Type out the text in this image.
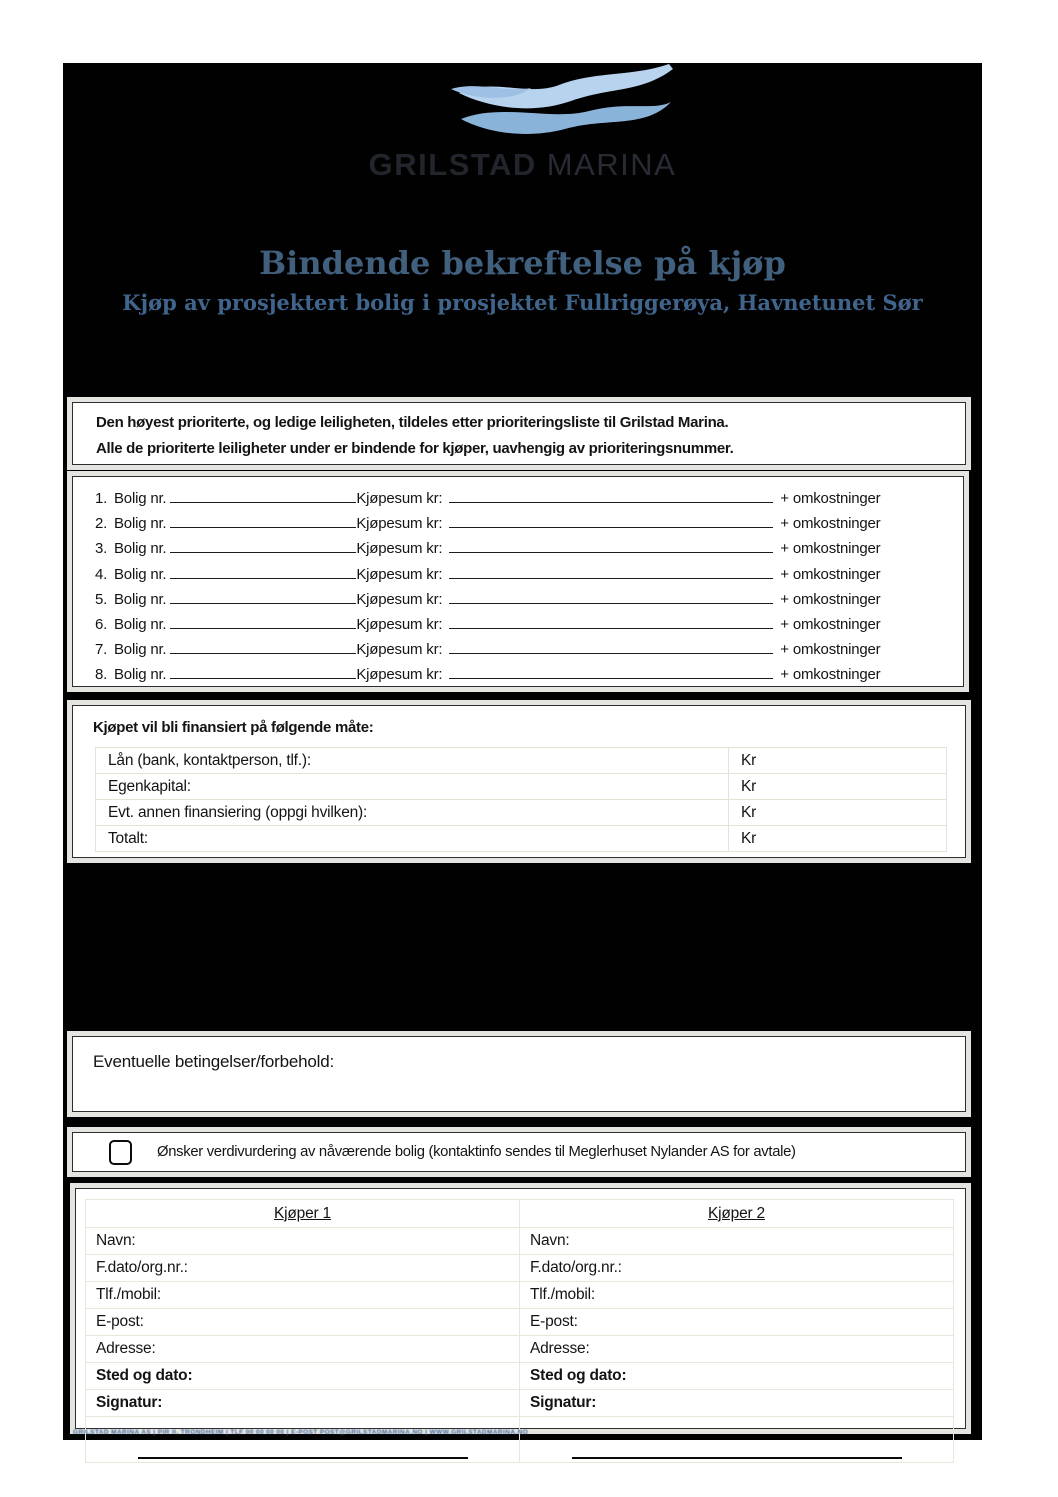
GRILSTAD MARINA
Bindende bekreftelse på kjøp
Kjøp av prosjektert bolig i prosjektet Fullriggerøya, Havnetunet Sør

Den høyest prioriterte, og ledige leiligheten, tildeles etter prioriteringsliste til Grilstad Marina.

Alle de prioriterte leiligheter under er bindende for kjøper, uavhengig av prioriteringsnummer.

1. Bolig nr.	Kjøpesum kr:	+ omkostninger
2. Bolig nr.	Kjøpesum kr:	+ omkostninger
3. Bolig nr.	Kjøpesum kr:	+ omkostninger
4. Bolig nr.	Kjøpesum kr:	+ omkostninger
5. Bolig nr.	Kjøpesum kr:	+ omkostninger
6. Bolig nr.	Kjøpesum kr:	+ omkostninger
7. Bolig nr.	Kjøpesum kr:	+ omkostninger
8. Bolig nr.	Kjøpesum kr:	+ omkostninger
Kjøpet vil bli finansiert på følgende måte:
Lån (bank, kontaktperson, tlf.):	Kr
Egenkapital:	Kr
Evt. annen finansiering (oppgi hvilken):	Kr
Totalt:	Kr
Eventuelle betingelser/forbehold:
Ønsker verdivurdering av nåværende bolig (kontaktinfo sendes til Meglerhuset Nylander AS for avtale)
Kjøper 1	Kjøper 2
Navn:	Navn:
F.dato/org.nr.:	F.dato/org.nr.:
Tlf./mobil:	Tlf./mobil:
E-post:	E-post:
Adresse:	Adresse:
Sted og dato:	Sted og dato:
Signatur:	Signatur:

GRILSTAD MARINA AS | PIR II, TRONDHEIM | TLF 00 00 00 00 | E-POST POST@GRILSTADMARINA.NO | WWW.GRILSTADMARINA.NO
